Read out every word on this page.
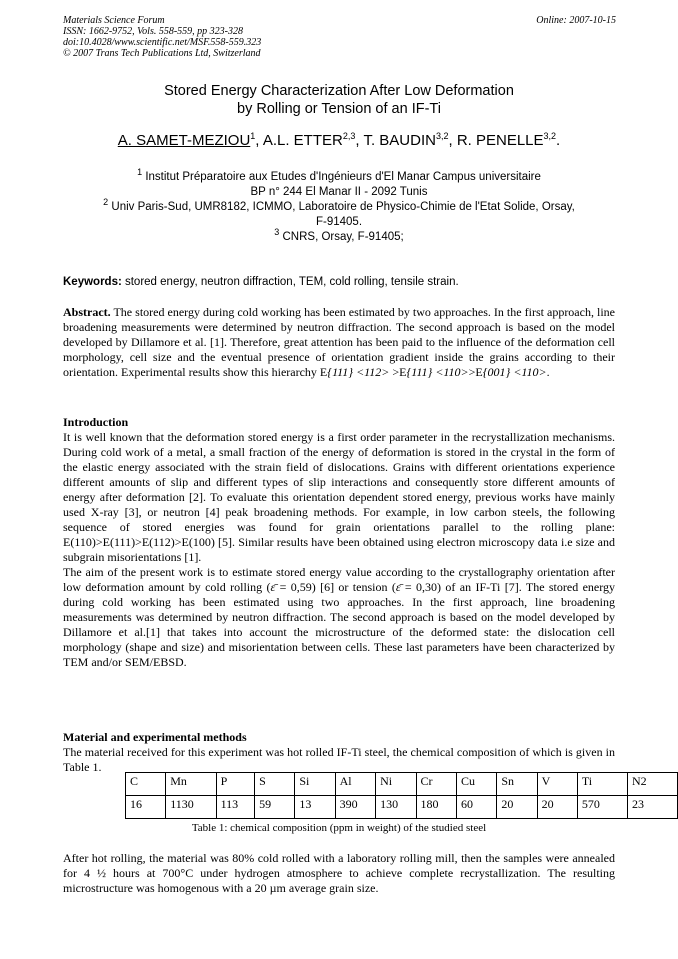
Materials Science Forum
ISSN: 1662-9752, Vols. 558-559, pp 323-328
doi:10.4028/www.scientific.net/MSF.558-559.323
© 2007 Trans Tech Publications Ltd, Switzerland
Online: 2007-10-15
Stored Energy Characterization After Low Deformation
by Rolling or Tension of an IF-Ti
A. SAMET-MEZIOU$^1$, A.L. ETTER$^{2,3}$, T. BAUDIN$^{3,2}$, R. PENELLE$^{3,2}$.
$^1$ Institut Préparatoire aux Etudes d'Ingénieurs d'El Manar Campus universitaire
BP n° 244 El Manar II - 2092 Tunis
$^2$ Univ Paris-Sud, UMR8182, ICMMO, Laboratoire de Physico-Chimie de l'Etat Solide, Orsay,
F-91405.
$^3$ CNRS, Orsay, F-91405;
Keywords: stored energy, neutron diffraction, TEM, cold rolling, tensile strain.
Abstract. The stored energy during cold working has been estimated by two approaches. In the first approach, line broadening measurements were determined by neutron diffraction. The second approach is based on the model developed by Dillamore et al. [1]. Therefore, great attention has been paid to the influence of the deformation cell morphology, cell size and the eventual presence of orientation gradient inside the grains according to their orientation. Experimental results show this hierarchy E{111} <112> >E{111} <110>>E{001} <110>.
Introduction

It is well known that the deformation stored energy is a first order parameter in the recrystallization mechanisms. During cold work of a metal, a small fraction of the energy of deformation is stored in the crystal in the form of the elastic energy associated with the strain field of dislocations. Grains with different orientations experience different amounts of slip and different types of slip interactions and consequently store different amounts of energy after deformation [2]. To evaluate this orientation dependent stored energy, previous works have mainly used X-ray [3], or neutron [4] peak broadening methods. For example, in low carbon steels, the following sequence of stored energies was found for grain orientations parallel to the rolling plane: E(110)>E(111)>E(112)>E(100) [5]. Similar results have been obtained using electron microscopy data i.e size and subgrain misorientations [1].

The aim of the present work is to estimate stored energy value according to the crystallography orientation after low deformation amount by cold rolling (ε̄ = 0,59) [6] or tension (ε̄ = 0,30) of an IF-Ti [7]. The stored energy during cold working has been estimated using two approaches. In the first approach, line broadening measurements was determined by neutron diffraction. The second approach is based on the model developed by Dillamore et al.[1] that takes into account the microstructure of the deformed state: the dislocation cell morphology (shape and size) and misorientation between cells. These last parameters have been characterized by TEM and/or SEM/EBSD.

Material and experimental methods
The material received for this experiment was hot rolled IF-Ti steel, the chemical composition of which is given in Table 1.
C	Mn	P	S	Si	Al	Ni	Cr	Cu	Sn	V	Ti	N2
16	1130	113	59	13	390	130	180	60	20	20	570	23
Table 1: chemical composition (ppm in weight) of the studied steel
After hot rolling, the material was 80% cold rolled with a laboratory rolling mill, then the samples were annealed for 4 ½ hours at 700°C under hydrogen atmosphere to achieve complete recrystallization. The resulting microstructure was homogenous with a 20 µm average grain size.
